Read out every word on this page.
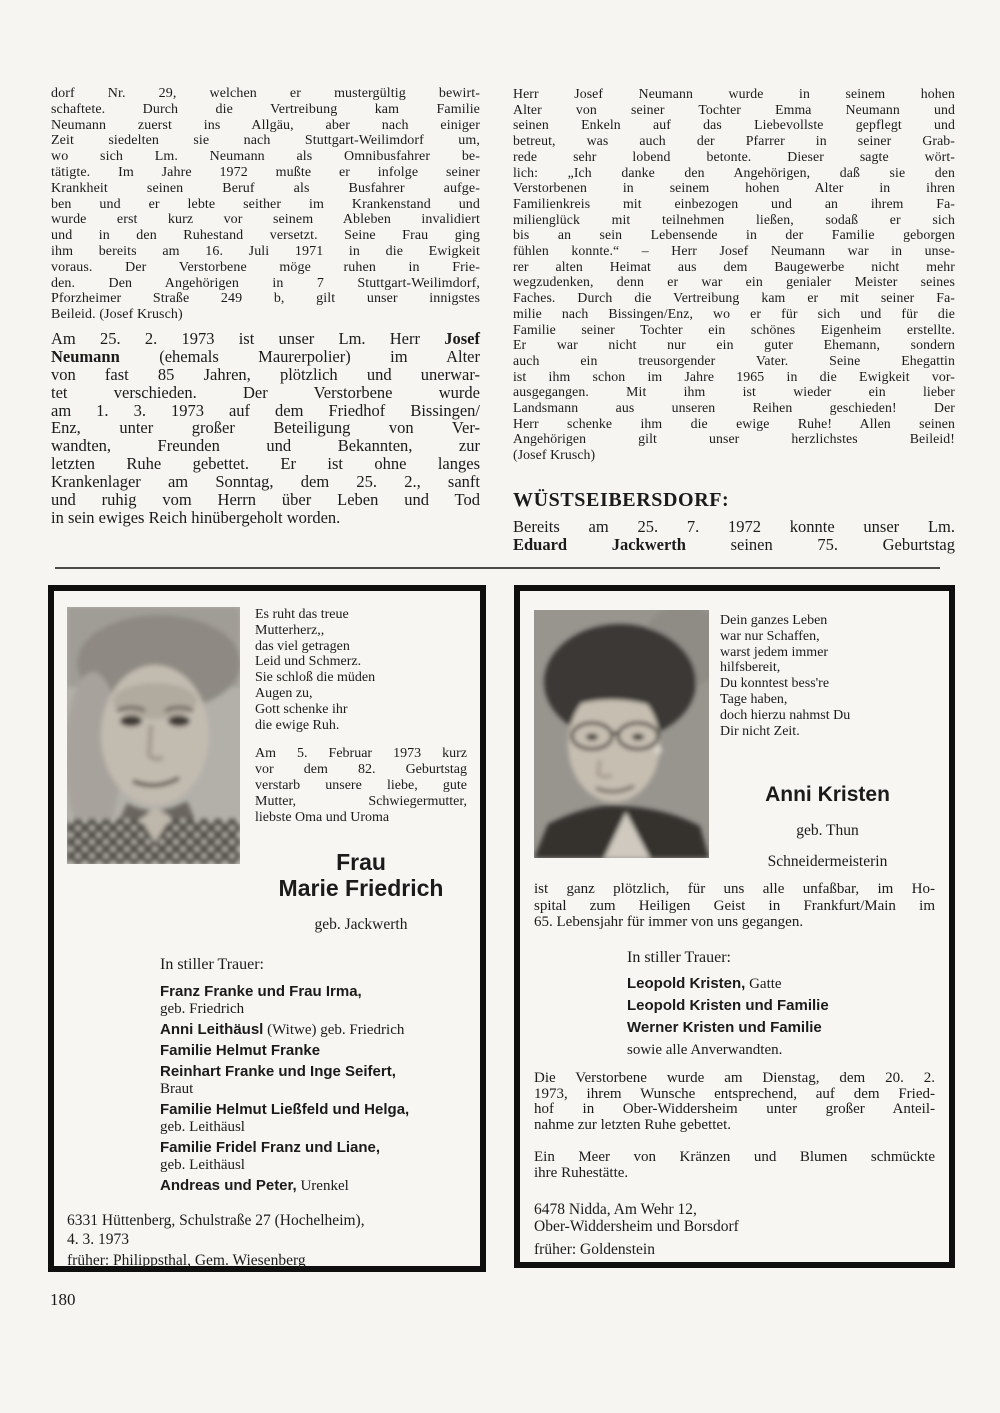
dorf Nr. 29, welchen er mustergültig bewirt-
schaftete. Durch die Vertreibung kam Familie
Neumann zuerst ins Allgäu, aber nach einiger
Zeit siedelten sie nach Stuttgart-Weilimdorf um,
wo sich Lm. Neumann als Omnibusfahrer be-
tätigte. Im Jahre 1972 mußte er infolge seiner
Krankheit seinen Beruf als Busfahrer aufge-
ben und er lebte seither im Krankenstand und
wurde erst kurz vor seinem Ableben invalidiert
und in den Ruhestand versetzt. Seine Frau ging
ihm bereits am 16. Juli 1971 in die Ewigkeit
voraus. Der Verstorbene möge ruhen in Frie-
den. Den Angehörigen in 7 Stuttgart-Weilimdorf,
Pforzheimer Straße 249 b, gilt unser innigstes
Beileid. (Josef Krusch)
Am 25. 2. 1973 ist unser Lm. Herr Josef
Neumann (ehemals Maurerpolier) im Alter
von fast 85 Jahren, plötzlich und unerwar-
tet verschieden. Der Verstorbene wurde
am 1. 3. 1973 auf dem Friedhof Bissingen/
Enz, unter großer Beteiligung von Ver-
wandten, Freunden und Bekannten, zur
letzten Ruhe gebettet. Er ist ohne langes
Krankenlager am Sonntag, dem 25. 2., sanft
und ruhig vom Herrn über Leben und Tod
in sein ewiges Reich hinübergeholt worden.
Herr Josef Neumann wurde in seinem hohen
Alter von seiner Tochter Emma Neumann und
seinen Enkeln auf das Liebevollste gepflegt und
betreut, was auch der Pfarrer in seiner Grab-
rede sehr lobend betonte. Dieser sagte wört-
lich: „Ich danke den Angehörigen, daß sie den
Verstorbenen in seinem hohen Alter in ihren
Familienkreis mit einbezogen und an ihrem Fa-
milienglück mit teilnehmen ließen, sodaß er sich
bis an sein Lebensende in der Familie geborgen
fühlen konnte.“ – Herr Josef Neumann war in unse-
rer alten Heimat aus dem Baugewerbe nicht mehr
wegzudenken, denn er war ein genialer Meister seines
Faches. Durch die Vertreibung kam er mit seiner Fa-
milie nach Bissingen/Enz, wo er für sich und für die
Familie seiner Tochter ein schönes Eigenheim erstellte.
Er war nicht nur ein guter Ehemann, sondern
auch ein treusorgender Vater. Seine Ehegattin
ist ihm schon im Jahre 1965 in die Ewigkeit vor-
ausgegangen. Mit ihm ist wieder ein lieber
Landsmann aus unseren Reihen geschieden! Der
Herr schenke ihm die ewige Ruhe! Allen seinen
Angehörigen gilt unser herzlichstes Beileid!
(Josef Krusch)
WÜSTSEIBERSDORF:
Bereits am 25. 7. 1972 konnte unser Lm.
Eduard Jackwerth seinen 75. Geburtstag
Es ruht das treue
Mutterherz,,
das viel getragen
Leid und Schmerz.
Sie schloß die müden
Augen zu,
Gott schenke ihr
die ewige Ruh.
Am 5. Februar 1973 kurz
vor dem 82. Geburtstag
verstarb unsere liebe, gute
Mutter, Schwiegermutter,
liebste Oma und Uroma
Frau
Marie Friedrich
geb. Jackwerth
In stiller Trauer:
Franz Franke und Frau Irma,
geb. Friedrich
Anni Leithäusl (Witwe) geb. Friedrich
Familie Helmut Franke
Reinhart Franke und Inge Seifert,
Braut
Familie Helmut Ließfeld und Helga,
geb. Leithäusl
Familie Fridel Franz und Liane,
geb. Leithäusl
Andreas und Peter, Urenkel
6331 Hüttenberg, Schulstraße 27 (Hochelheim),
4. 3. 1973
früher: Philippsthal, Gem. Wiesenberg
Dein ganzes Leben
war nur Schaffen,
warst jedem immer
hilfsbereit,
Du konntest bess're
Tage haben,
doch hierzu nahmst Du
Dir nicht Zeit.
Anni Kristen
geb. Thun
Schneidermeisterin
ist ganz plötzlich, für uns alle unfaßbar, im Ho-
spital zum Heiligen Geist in Frankfurt/Main im
65. Lebensjahr für immer von uns gegangen.
In stiller Trauer:
Leopold Kristen, Gatte
Leopold Kristen und Familie
Werner Kristen und Familie
sowie alle Anverwandten.
Die Verstorbene wurde am Dienstag, dem 20. 2.
1973, ihrem Wunsche entsprechend, auf dem Fried-
hof in Ober-Widdersheim unter großer Anteil-
nahme zur letzten Ruhe gebettet.
Ein Meer von Kränzen und Blumen schmückte
ihre Ruhestätte.
6478 Nidda, Am Wehr 12,
Ober-Widdersheim und Borsdorf
früher: Goldenstein
180
